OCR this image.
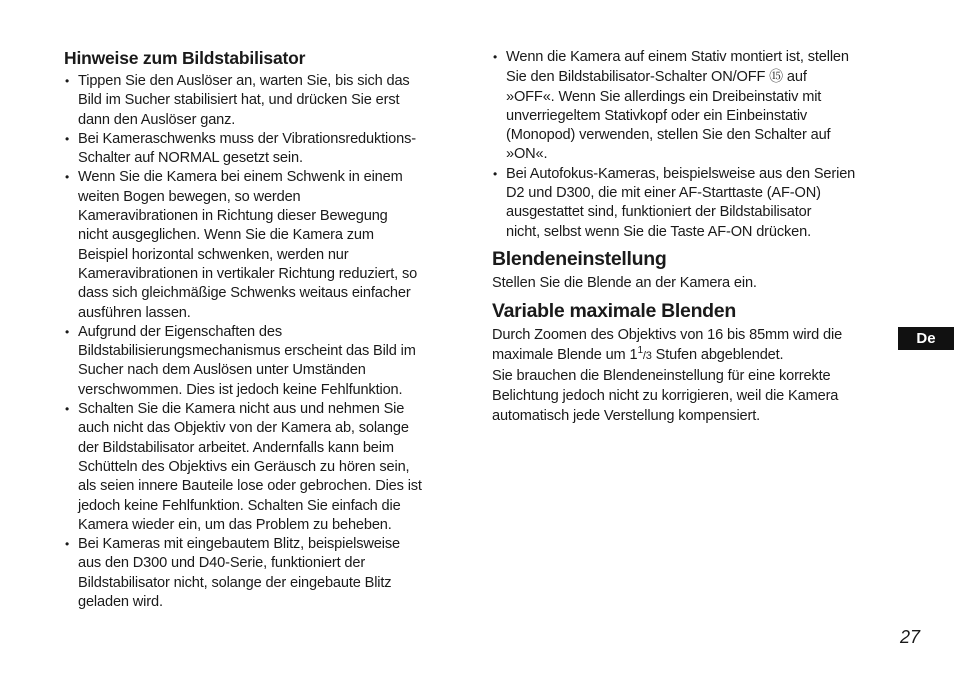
Hinweise zum Bildstabilisator
• Tippen Sie den Auslöser an, warten Sie, bis sich das
Bild im Sucher stabilisiert hat, und drücken Sie erst
dann den Auslöser ganz.
• Bei Kameraschwenks muss der Vibrationsreduktions-
Schalter auf NORMAL gesetzt sein.
• Wenn Sie die Kamera bei einem Schwenk in einem
weiten Bogen bewegen, so werden
Kameravibrationen in Richtung dieser Bewegung
nicht ausgeglichen. Wenn Sie die Kamera zum
Beispiel horizontal schwenken, werden nur
Kameravibrationen in vertikaler Richtung reduziert, so
dass sich gleichmäßige Schwenks weitaus einfacher
ausführen lassen.
• Aufgrund der Eigenschaften des
Bildstabilisierungsmechanismus erscheint das Bild im
Sucher nach dem Auslösen unter Umständen
verschwommen. Dies ist jedoch keine Fehlfunktion.
• Schalten Sie die Kamera nicht aus und nehmen Sie
auch nicht das Objektiv von der Kamera ab, solange
der Bildstabilisator arbeitet. Andernfalls kann beim
Schütteln des Objektivs ein Geräusch zu hören sein,
als seien innere Bauteile lose oder gebrochen. Dies ist
jedoch keine Fehlfunktion. Schalten Sie einfach die
Kamera wieder ein, um das Problem zu beheben.
• Bei Kameras mit eingebautem Blitz, beispielsweise
aus den D300 und D40-Serie, funktioniert der
Bildstabilisator nicht, solange der eingebaute Blitz
geladen wird.
• Wenn die Kamera auf einem Stativ montiert ist, stellen
Sie den Bildstabilisator-Schalter ON/OFF ⑮ auf
»OFF«. Wenn Sie allerdings ein Dreibeinstativ mit
unverriegeltem Stativkopf oder ein Einbeinstativ
(Monopod) verwenden, stellen Sie den Schalter auf
»ON«.
• Bei Autofokus-Kameras, beispielsweise aus den Serien
D2 und D300, die mit einer AF-Starttaste (AF-ON)
ausgestattet sind, funktioniert der Bildstabilisator
nicht, selbst wenn Sie die Taste AF-ON drücken.
Blendeneinstellung

Stellen Sie die Blende an der Kamera ein.

Variable maximale Blenden

Durch Zoomen des Objektivs von 16 bis 85mm wird die
maximale Blende um $1^1/3$ Stufen abgeblendet.

Sie brauchen die Blendeneinstellung für eine korrekte
Belichtung jedoch nicht zu korrigieren, weil die Kamera
automatisch jede Verstellung kompensiert.

De
27
